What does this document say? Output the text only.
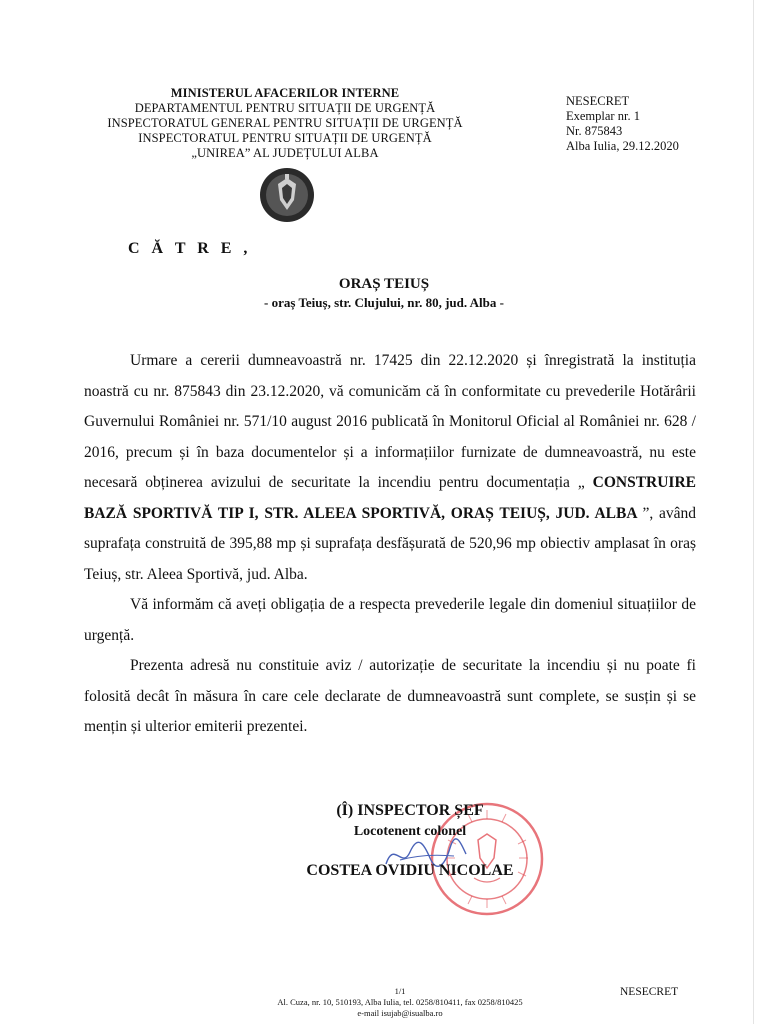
MINISTERUL AFACERILOR INTERNE
DEPARTAMENTUL PENTRU SITUAȚII DE URGENȚĂ
INSPECTORATUL GENERAL PENTRU SITUAȚII DE URGENȚĂ
INSPECTORATUL PENTRU SITUAȚII DE URGENȚĂ
„UNIREA” AL JUDEȚULUI ALBA
NESECRET
Exemplar nr. 1
Nr. 875843
Alba Iulia, 29.12.2020
C Ă T R E ,
ORAȘ TEIUȘ
- oraș Teiuș, str. Clujului, nr. 80, jud. Alba -

Urmare a cererii dumneavoastră nr. 17425 din 22.12.2020 și înregistrată la instituția noastră cu nr. 875843 din 23.12.2020, vă comunicăm că în conformitate cu prevederile Hotărârii Guvernului României nr. 571/10 august 2016 publicată în Monitorul Oficial al României nr. 628 / 2016, precum și în baza documentelor și a informațiilor furnizate de dumneavoastră, nu este necesară obținerea avizului de securitate la incendiu pentru documentația „ CONSTRUIRE BAZĂ SPORTIVĂ TIP I, STR. ALEEA SPORTIVĂ, ORAȘ TEIUȘ, JUD. ALBA ”, având suprafața construită de 395,88 mp și suprafața desfășurată de 520,96 mp obiectiv amplasat în oraș Teiuș, str. Aleea Sportivă, jud. Alba.

Vă informăm că aveți obligația de a respecta prevederile legale din domeniul situațiilor de urgență.

Prezenta adresă nu constituie aviz / autorizație de securitate la incendiu și nu poate fi folosită decât în măsura în care cele declarate de dumneavoastră sunt complete, se susțin și se mențin și ulterior emiterii prezentei.

(Î) INSPECTOR ȘEF
Locotenent colonel
COSTEA OVIDIU NICOLAE
1/1
Al. Cuza, nr. 10, 510193, Alba Iulia, tel. 0258/810411, fax 0258/810425
e-mail isujab@isualba.ro
NESECRET
